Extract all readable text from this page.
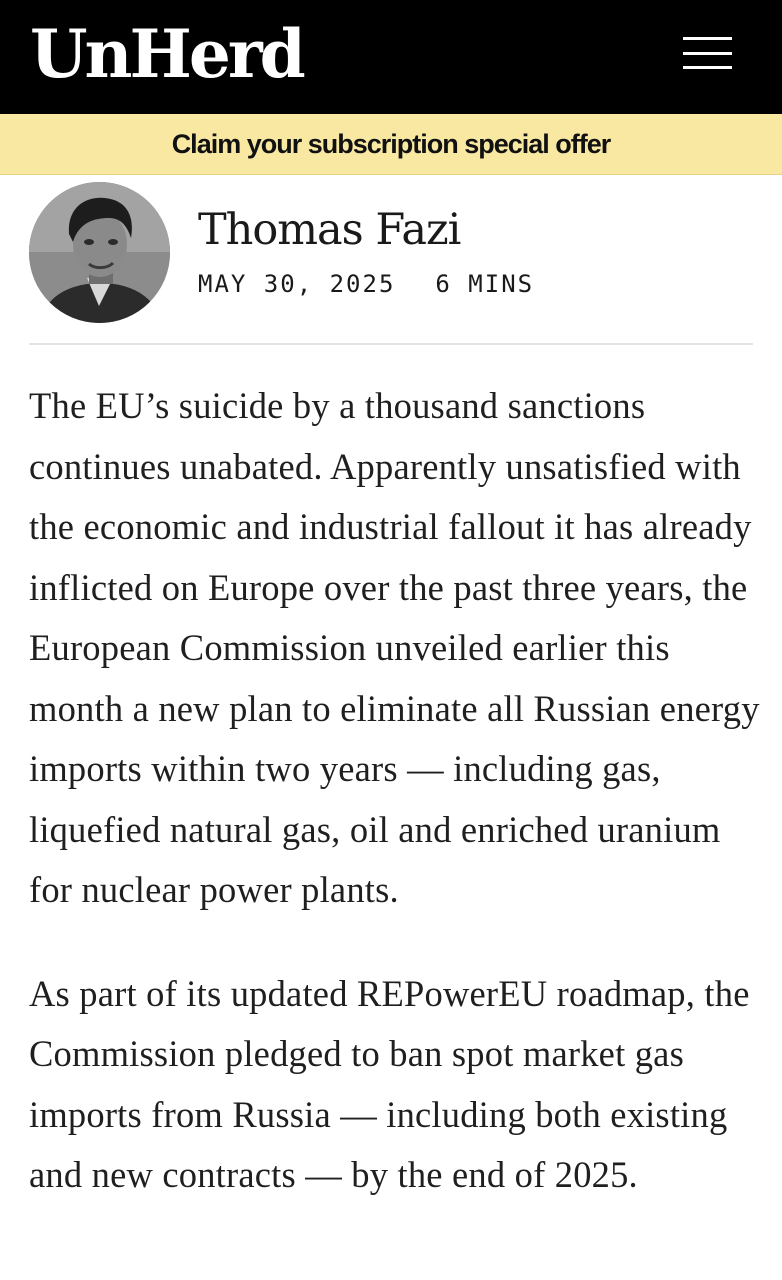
UnHerd
Claim your subscription special offer
Thomas Fazi
MAY 30, 2025 6 MINS

The EU’s suicide by a thousand sanctions continues unabated. Apparently unsatisfied with the economic and industrial fallout it has already inflicted on Europe over the past three years, the European Commission unveiled earlier this month a new plan to eliminate all Russian energy imports within two years — including gas, liquefied natural gas, oil and enriched uranium for nuclear power plants.

As part of its updated REPowerEU roadmap, the Commission pledged to ban spot market gas imports from Russia — including both existing and new contracts — by the end of 2025.
